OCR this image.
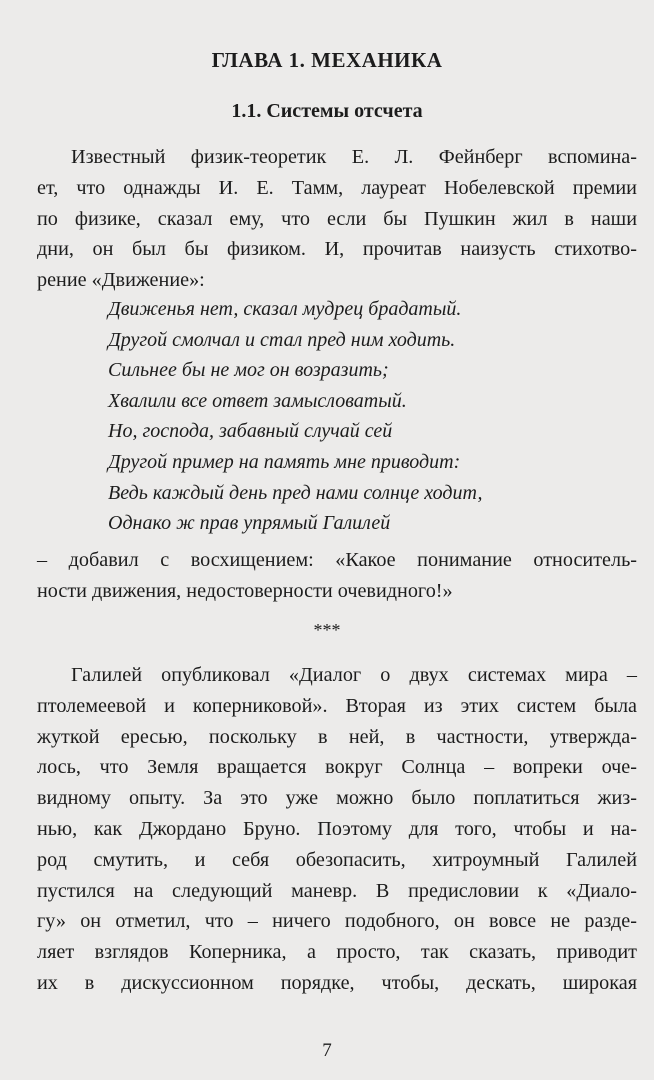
ГЛАВА 1. МЕХАНИКА
1.1. Системы отсчета

Известный физик-теоретик Е. Л. Фейнберг вспомина-
ет, что однажды И. Е. Тамм, лауреат Нобелевской премии
по физике, сказал ему, что если бы Пушкин жил в наши
дни, он был бы физиком. И, прочитав наизусть стихотво-
рение «Движение»:

Движенья нет, сказал мудрец брадатый.
Другой смолчал и стал пред ним ходить.
Сильнее бы не мог он возразить;
Хвалили все ответ замысловатый.
Но, господа, забавный случай сей
Другой пример на память мне приводит:
Ведь каждый день пред нами солнце ходит,
Однако ж прав упрямый Галилей

– добавил с восхищением: «Какое понимание относитель-
ности движения, недостоверности очевидного!»

***

Галилей опубликовал «Диалог о двух системах мира –
птолемеевой и коперниковой». Вторая из этих систем была
жуткой ересью, поскольку в ней, в частности, утвержда-
лось, что Земля вращается вокруг Солнца – вопреки оче-
видному опыту. За это уже можно было поплатиться жиз-
нью, как Джордано Бруно. Поэтому для того, чтобы и на-
род смутить, и себя обезопасить, хитроумный Галилей
пустился на следующий маневр. В предисловии к «Диало-
гу» он отметил, что – ничего подобного, он вовсе не разде-
ляет взглядов Коперника, а просто, так сказать, приводит
их в дискуссионном порядке, чтобы, дескать, широкая

7
